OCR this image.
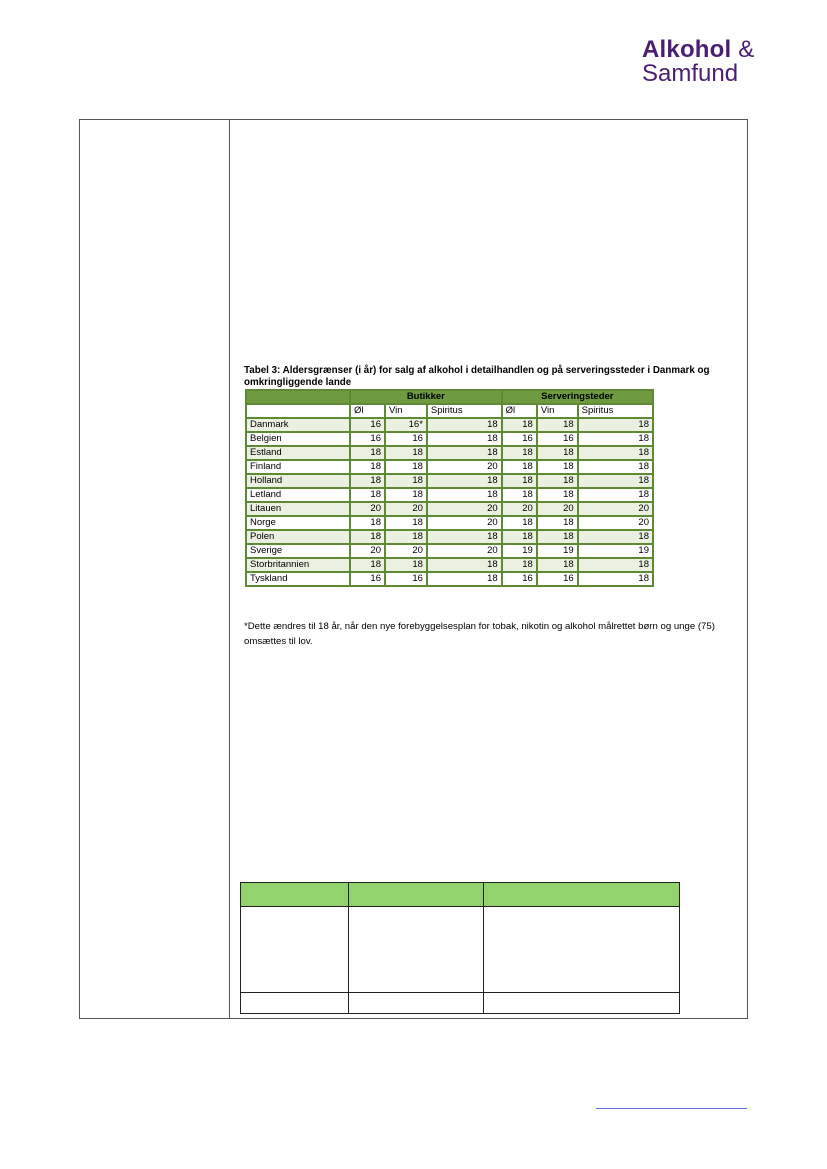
Alkohol &
Samfund
Tabel 3: Aldersgrænser (i år) for salg af alkohol i detailhandlen og på serveringssteder i Danmark og omkringliggende lande
	Butikker			Serveringsteder		
	Øl	Vin	Spiritus	Øl	Vin	Spiritus
Danmark	16	16*	18	18	18	18
Belgien	16	16	18	16	16	18
Estland	18	18	18	18	18	18
Finland	18	18	20	18	18	18
Holland	18	18	18	18	18	18
Letland	18	18	18	18	18	18
Litauen	20	20	20	20	20	20
Norge	18	18	20	18	18	20
Polen	18	18	18	18	18	18
Sverige	20	20	20	19	19	19
Storbritannien	18	18	18	18	18	18
Tyskland	16	16	18	16	16	18
*Dette ændres til 18 år, når den nye forebyggelsesplan for tobak, nikotin og alkohol målrettet børn og unge (75) omsættes til lov.
